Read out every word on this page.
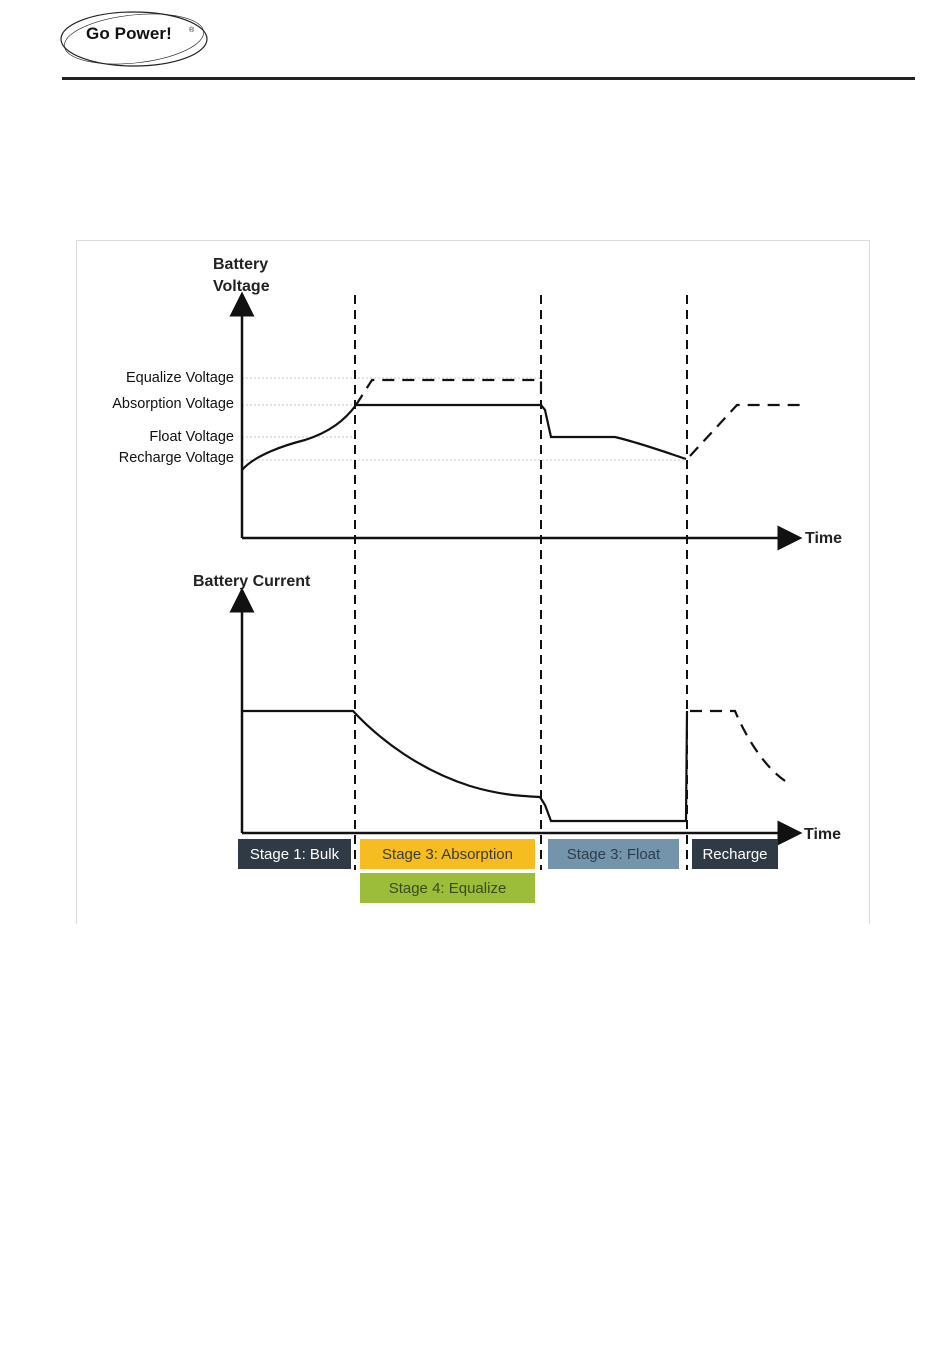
Go Power! ®
Battery
Voltage
Battery Current
Time
Time
Equalize Voltage
Absorption Voltage
Float Voltage
Recharge Voltage
Stage 1: Bulk	Stage 3: Absorption	Stage 3: Float	Recharge
Stage 4: Equalize
